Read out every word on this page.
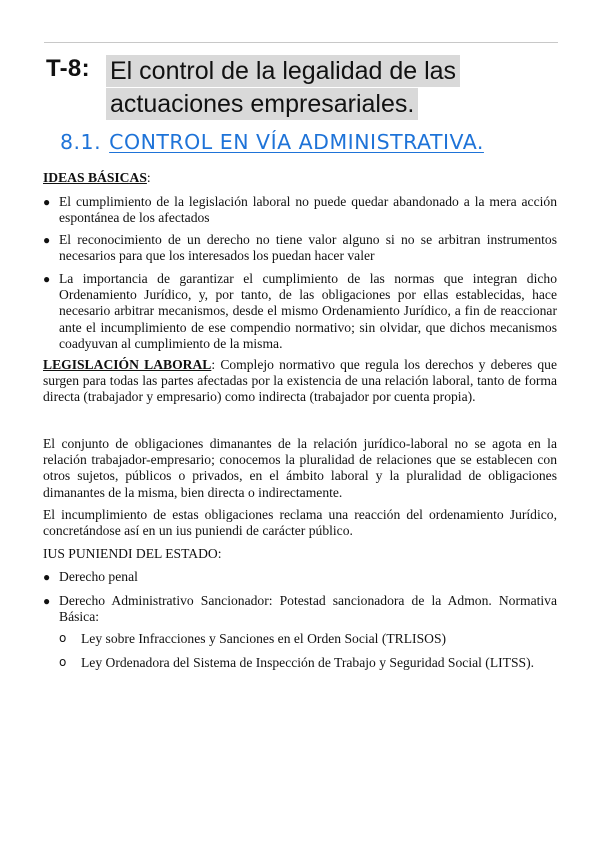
T-8: El control de la legalidad de las
actuaciones empresariales.
8.1. CONTROL EN VÍA ADMINISTRATIVA.
IDEAS BÁSICAS:
● El cumplimiento de la legislación laboral no puede quedar abandonado a la mera acción espontánea de los afectados
● El reconocimiento de un derecho no tiene valor alguno si no se arbitran instrumentos necesarios para que los interesados los puedan hacer valer
● La importancia de garantizar el cumplimiento de las normas que integran dicho Ordenamiento Jurídico, y, por tanto, de las obligaciones por ellas establecidas, hace necesario arbitrar mecanismos, desde el mismo Ordenamiento Jurídico, a fin de reaccionar ante el incumplimiento de ese compendio normativo; sin olvidar, que dichos mecanismos coadyuvan al cumplimiento de la misma.
LEGISLACIÓN LABORAL: Complejo normativo que regula los derechos y deberes que surgen para todas las partes afectadas por la existencia de una relación laboral, tanto de forma directa (trabajador y empresario) como indirecta (trabajador por cuenta propia).
El conjunto de obligaciones dimanantes de la relación jurídico-laboral no se agota en la relación trabajador-empresario; conocemos la pluralidad de relaciones que se establecen con otros sujetos, públicos o privados, en el ámbito laboral y la pluralidad de obligaciones dimanantes de la misma, bien directa o indirectamente.
El incumplimiento de estas obligaciones reclama una reacción del ordenamiento Jurídico, concretándose así en un ius puniendi de carácter público.
IUS PUNIENDI DEL ESTADO:
● Derecho penal
● Derecho Administrativo Sancionador: Potestad sancionadora de la Admon. Normativa Básica:
o Ley sobre Infracciones y Sanciones en el Orden Social (TRLISOS)
o Ley Ordenadora del Sistema de Inspección de Trabajo y Seguridad Social (LITSS).
